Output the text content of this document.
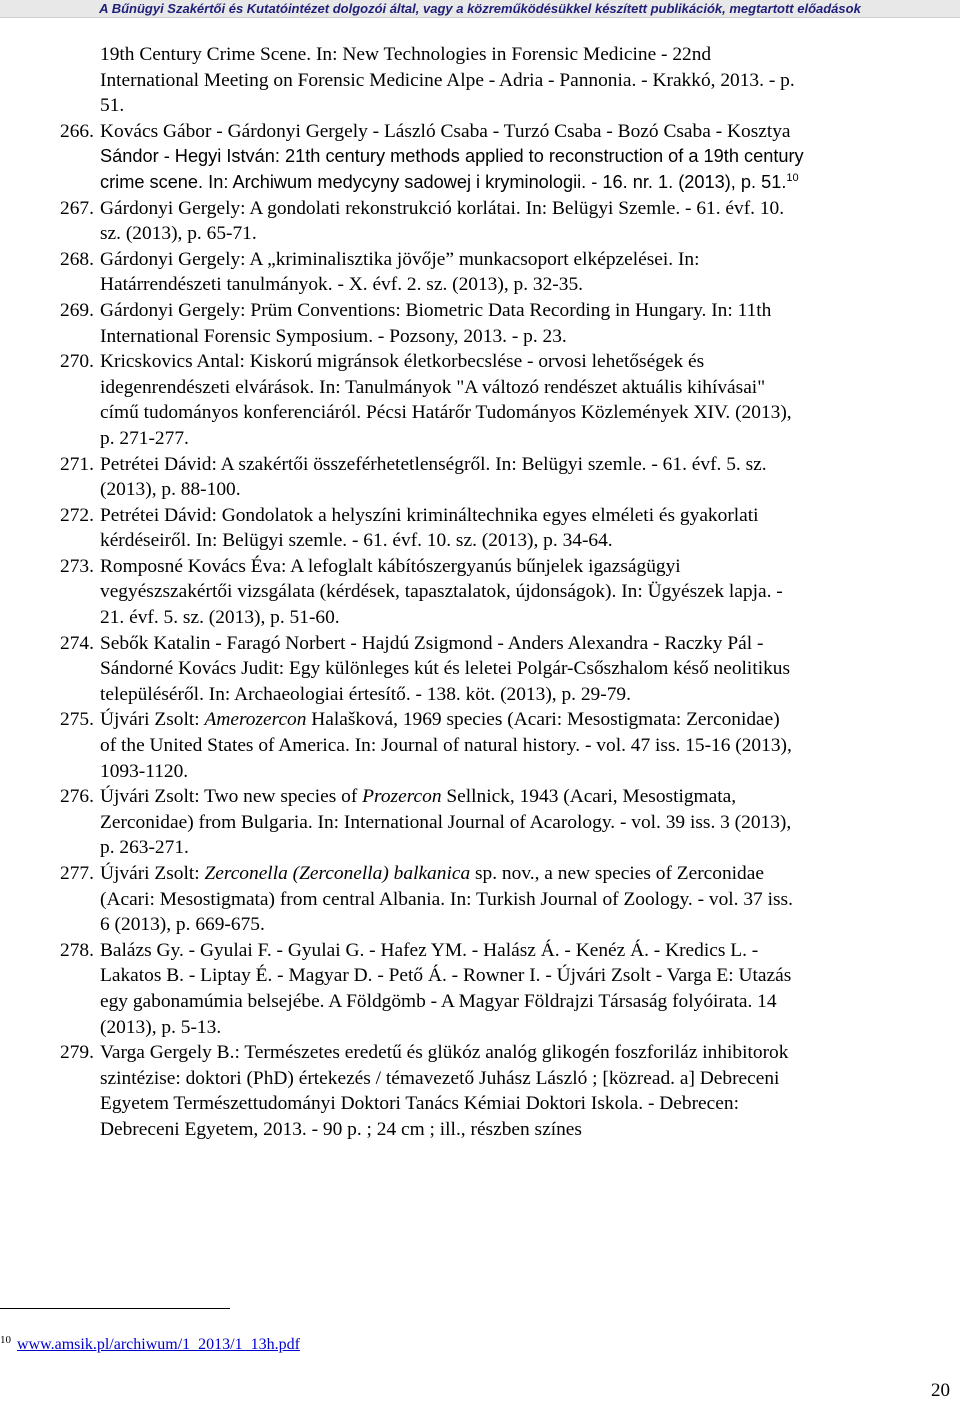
A Bűnügyi Szakértői és Kutatóintézet dolgozói által, vagy a közreműködésükkel készített publikációk, megtartott előadások
19th Century Crime Scene. In: New Technologies in Forensic Medicine - 22nd
International Meeting on Forensic Medicine Alpe - Adria - Pannonia. - Krakkó, 2013. - p.
51.
266. Kovács Gábor - Gárdonyi Gergely - László Csaba - Turzó Csaba - Bozó Csaba - Kosztya
Sándor - Hegyi István: 21th century methods applied to reconstruction of a 19th century
crime scene. In: Archiwum medycyny sadowej i kryminologii. - 16. nr. 1. (2013), p. 51.10
267. Gárdonyi Gergely: A gondolati rekonstrukció korlátai. In: Belügyi Szemle. - 61. évf. 10.
sz. (2013), p. 65-71.
268. Gárdonyi Gergely: A „kriminalisztika jövője” munkacsoport elképzelései. In:
Határrendészeti tanulmányok. - X. évf. 2. sz. (2013), p. 32-35.
269. Gárdonyi Gergely: Prüm Conventions: Biometric Data Recording in Hungary. In: 11th
International Forensic Symposium. - Pozsony, 2013. - p. 23.
270. Kricskovics Antal: Kiskorú migránsok életkorbecslése - orvosi lehetőségek és
idegenrendészeti elvárások. In: Tanulmányok "A változó rendészet aktuális kihívásai"
című tudományos konferenciáról. Pécsi Határőr Tudományos Közlemények XIV. (2013),
p. 271-277.
271. Petrétei Dávid: A szakértői összeférhetetlenségről. In: Belügyi szemle. - 61. évf. 5. sz.
(2013), p. 88-100.
272. Petrétei Dávid: Gondolatok a helyszíni krimináltechnika egyes elméleti és gyakorlati
kérdéseiről. In: Belügyi szemle. - 61. évf. 10. sz. (2013), p. 34-64.
273. Romposné Kovács Éva: A lefoglalt kábítószergyanús bűnjelek igazságügyi
vegyészszakértői vizsgálata (kérdések, tapasztalatok, újdonságok). In: Ügyészek lapja. -
21. évf. 5. sz. (2013), p. 51-60.
274. Sebők Katalin - Faragó Norbert - Hajdú Zsigmond - Anders Alexandra - Raczky Pál -
Sándorné Kovács Judit: Egy különleges kút és leletei Polgár-Csőszhalom késő neolitikus
településéről. In: Archaeologiai értesítő. - 138. köt. (2013), p. 29-79.
275. Újvári Zsolt: Amerozercon Halašková, 1969 species (Acari: Mesostigmata: Zerconidae)
of the United States of America. In: Journal of natural history. - vol. 47 iss. 15-16 (2013),
1093-1120.
276. Újvári Zsolt: Two new species of Prozercon Sellnick, 1943 (Acari, Mesostigmata,
Zerconidae) from Bulgaria. In: International Journal of Acarology. - vol. 39 iss. 3 (2013),
p. 263-271.
277. Újvári Zsolt: Zerconella (Zerconella) balkanica sp. nov., a new species of Zerconidae
(Acari: Mesostigmata) from central Albania. In: Turkish Journal of Zoology. - vol. 37 iss.
6 (2013), p. 669-675.
278. Balázs Gy. - Gyulai F. - Gyulai G. - Hafez YM. - Halász Á. - Kenéz Á. - Kredics L. -
Lakatos B. - Liptay É. - Magyar D. - Pető Á. - Rowner I. - Újvári Zsolt - Varga E: Utazás
egy gabonamúmia belsejébe. A Földgömb - A Magyar Földrajzi Társaság folyóirata. 14
(2013), p. 5-13.
279. Varga Gergely B.: Természetes eredetű és glükóz analóg glikogén foszforiláz inhibitorok
szintézise: doktori (PhD) értekezés / témavezető Juhász László ; [közread. a] Debreceni
Egyetem Természettudományi Doktori Tanács Kémiai Doktori Iskola. - Debrecen:
Debreceni Egyetem, 2013. - 90 p. ; 24 cm ; ill., részben színes
$^{10}$ www.amsik.pl/archiwum/1_2013/1_13h.pdf
20
